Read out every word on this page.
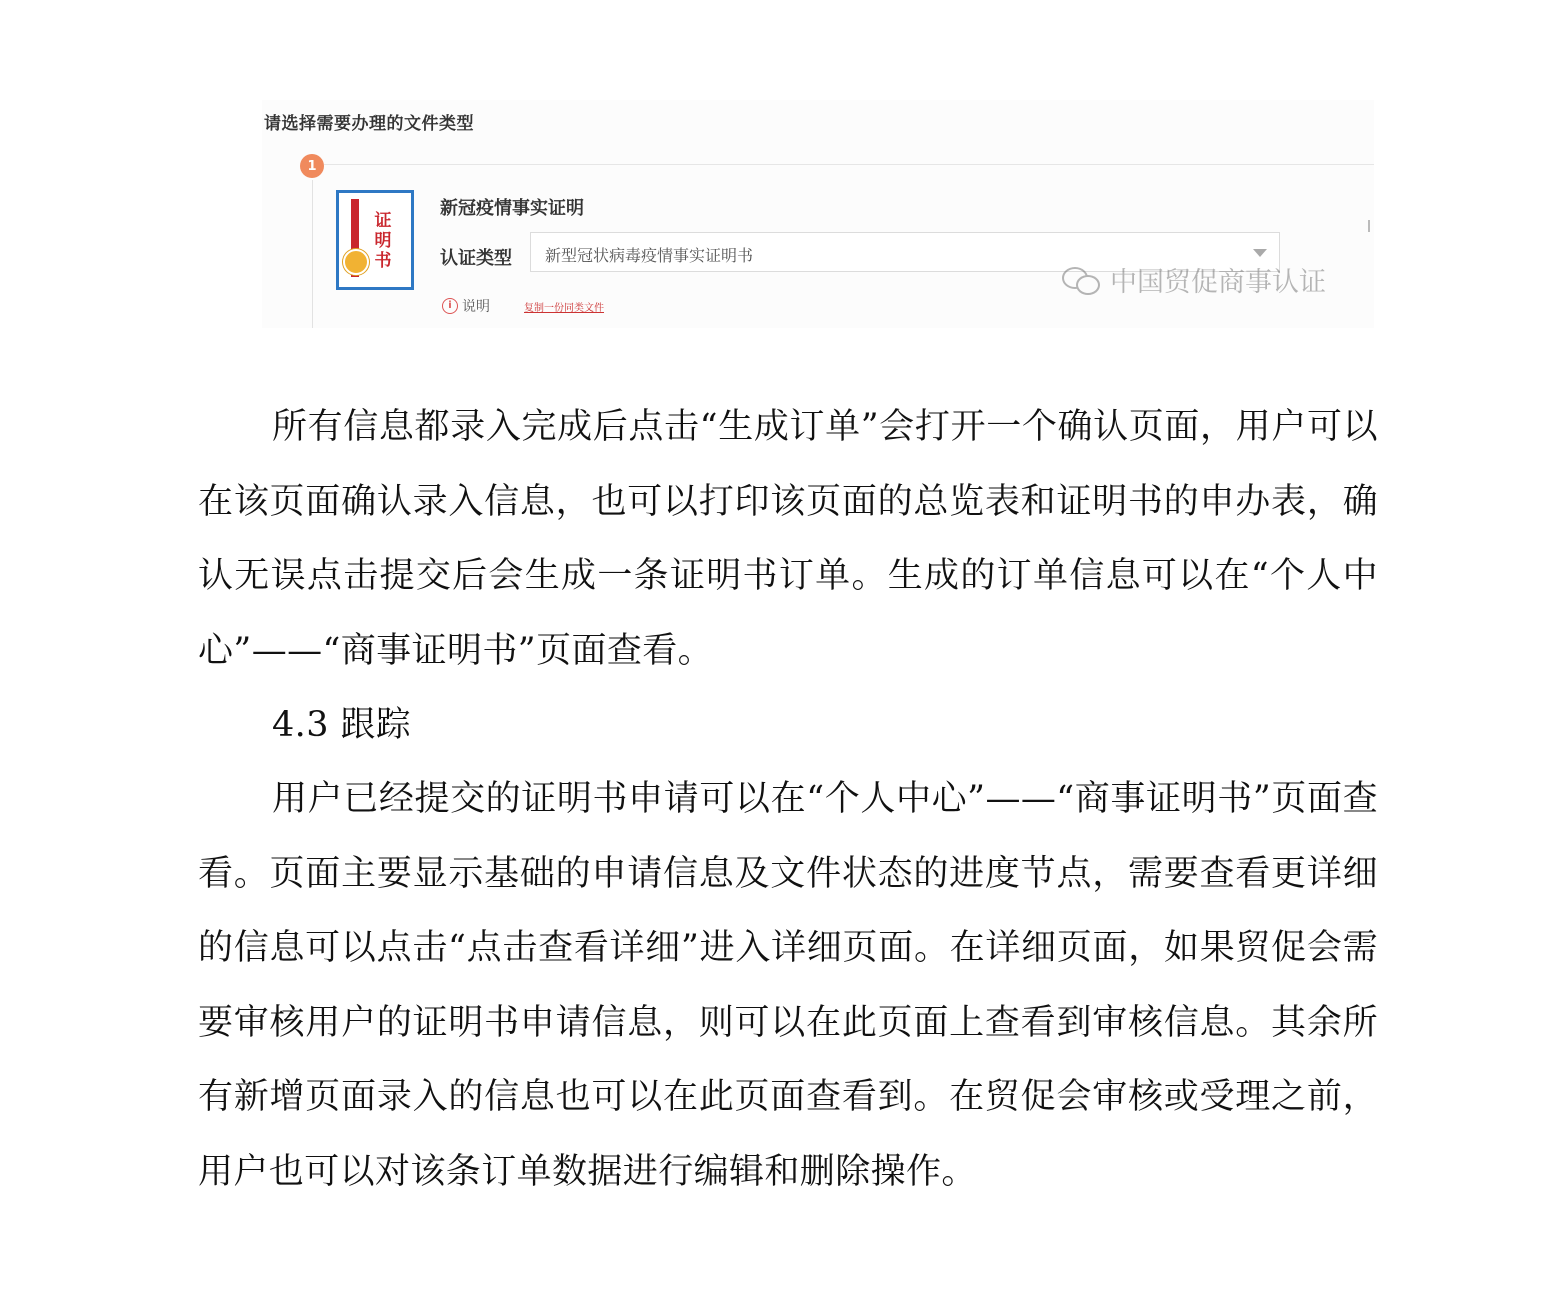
请选择需要办理的文件类型
1
证明书
新冠疫情事实证明
认证类型 新型冠状病毒疫情事实证明书
i 说明	复制一份同类文件
中国贸促商事认证

所有信息都录入完成后点击“生成订单”会打开一个确认页面，用户可以在该页面确认录入信息，也可以打印该页面的总览表和证明书的申办表，确认无误点击提交后会生成一条证明书订单。生成的订单信息可以在“个人中心”——“商事证明书”页面查看。

4.3 跟踪

用户已经提交的证明书申请可以在“个人中心”——“商事证明书”页面查看。页面主要显示基础的申请信息及文件状态的进度节点，需要查看更详细的信息可以点击“点击查看详细”进入详细页面。在详细页面，如果贸促会需要审核用户的证明书申请信息，则可以在此页面上查看到审核信息。其余所有新增页面录入的信息也可以在此页面查看到。在贸促会审核或受理之前，用户也可以对该条订单数据进行编辑和删除操作。
